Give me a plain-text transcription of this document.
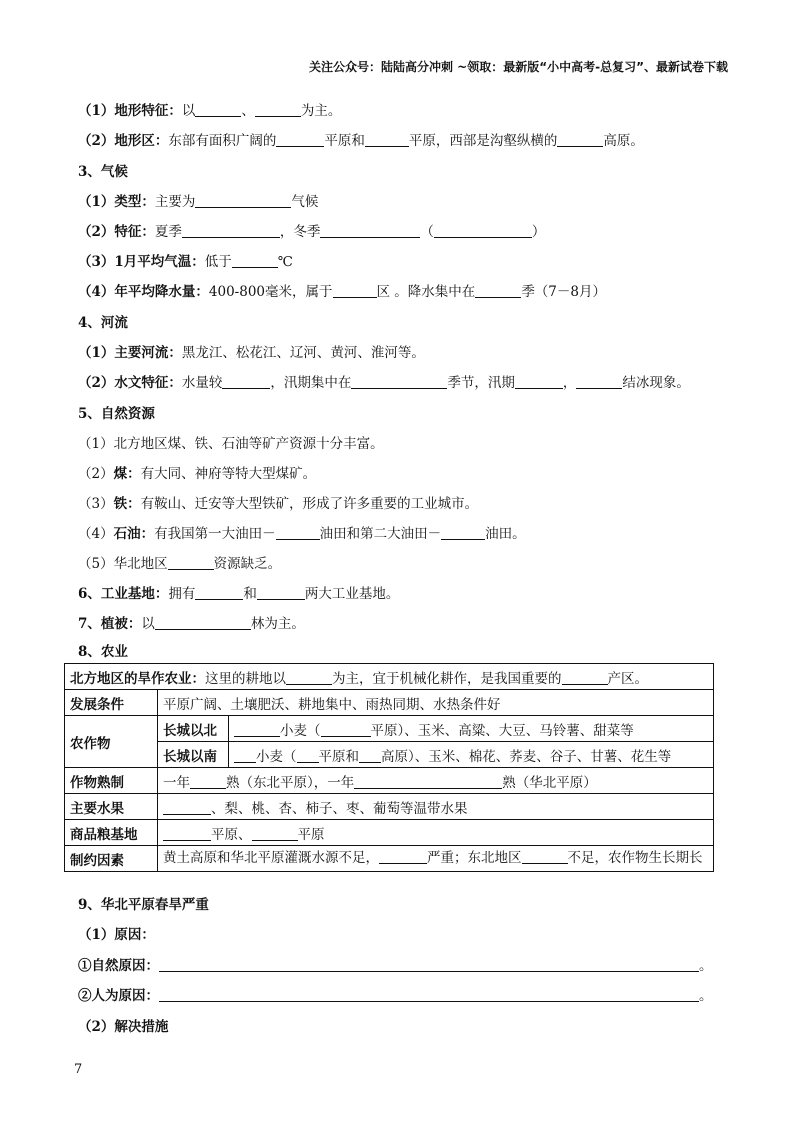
关注公众号：陆陆高分冲刺 ~领取：最新版“小中高考-总复习”、最新试卷下载
（1）地形特征：以	、	为主。
（2）地形区：东部有面积广阔的	平原和	平原，西部是沟壑纵横的	高原。
3、气候
（1）类型：主要为	气候
（2）特征：夏季	，冬季	（	）
（3）1月平均气温：低于	℃
（4）年平均降水量：400-800毫米，属于	区 。降水集中在	季（7－8月）
4、河流
（1）主要河流：黑龙江、松花江、辽河、黄河、淮河等。
（2）水文特征：水量较	，汛期集中在	季节，汛期	，	结冰现象。
5、自然资源
（1）北方地区煤、铁、石油等矿产资源十分丰富。
（2）煤：有大同、神府等特大型煤矿。
（3）铁：有鞍山、迁安等大型铁矿，形成了许多重要的工业城市。
（4）石油：有我国第一大油田－	油田和第二大油田－	油田。
（5）华北地区	资源缺乏。
6、工业基地：拥有	和	两大工业基地。
7、植被：以	林为主。
8、农业
北方地区的旱作农业：这里的耕地以 为主，宜于机械化耕作，是我国重要的 产区。		
发展条件	平原广阔、土壤肥沃、耕地集中、雨热同期、水热条件好	
农作物	长城以北	小麦（ 平原）、玉米、高粱、大豆、马铃薯、甜菜等
	长城以南	小麦（ 平原和 高原）、玉米、棉花、荞麦、谷子、甘薯、花生等
作物熟制	一年 熟（东北平原），一年 熟（华北平原）	
主要水果	、梨、桃、杏、柿子、枣、葡萄等温带水果	
商品粮基地	平原、 平原	
制约因素	黄土高原和华北平原灌溉水源不足， 严重；东北地区 不足，农作物生长期长	
9、华北平原春旱严重
（1）原因：
①自然原因：	。
②人为原因：	。
（2）解决措施
7
